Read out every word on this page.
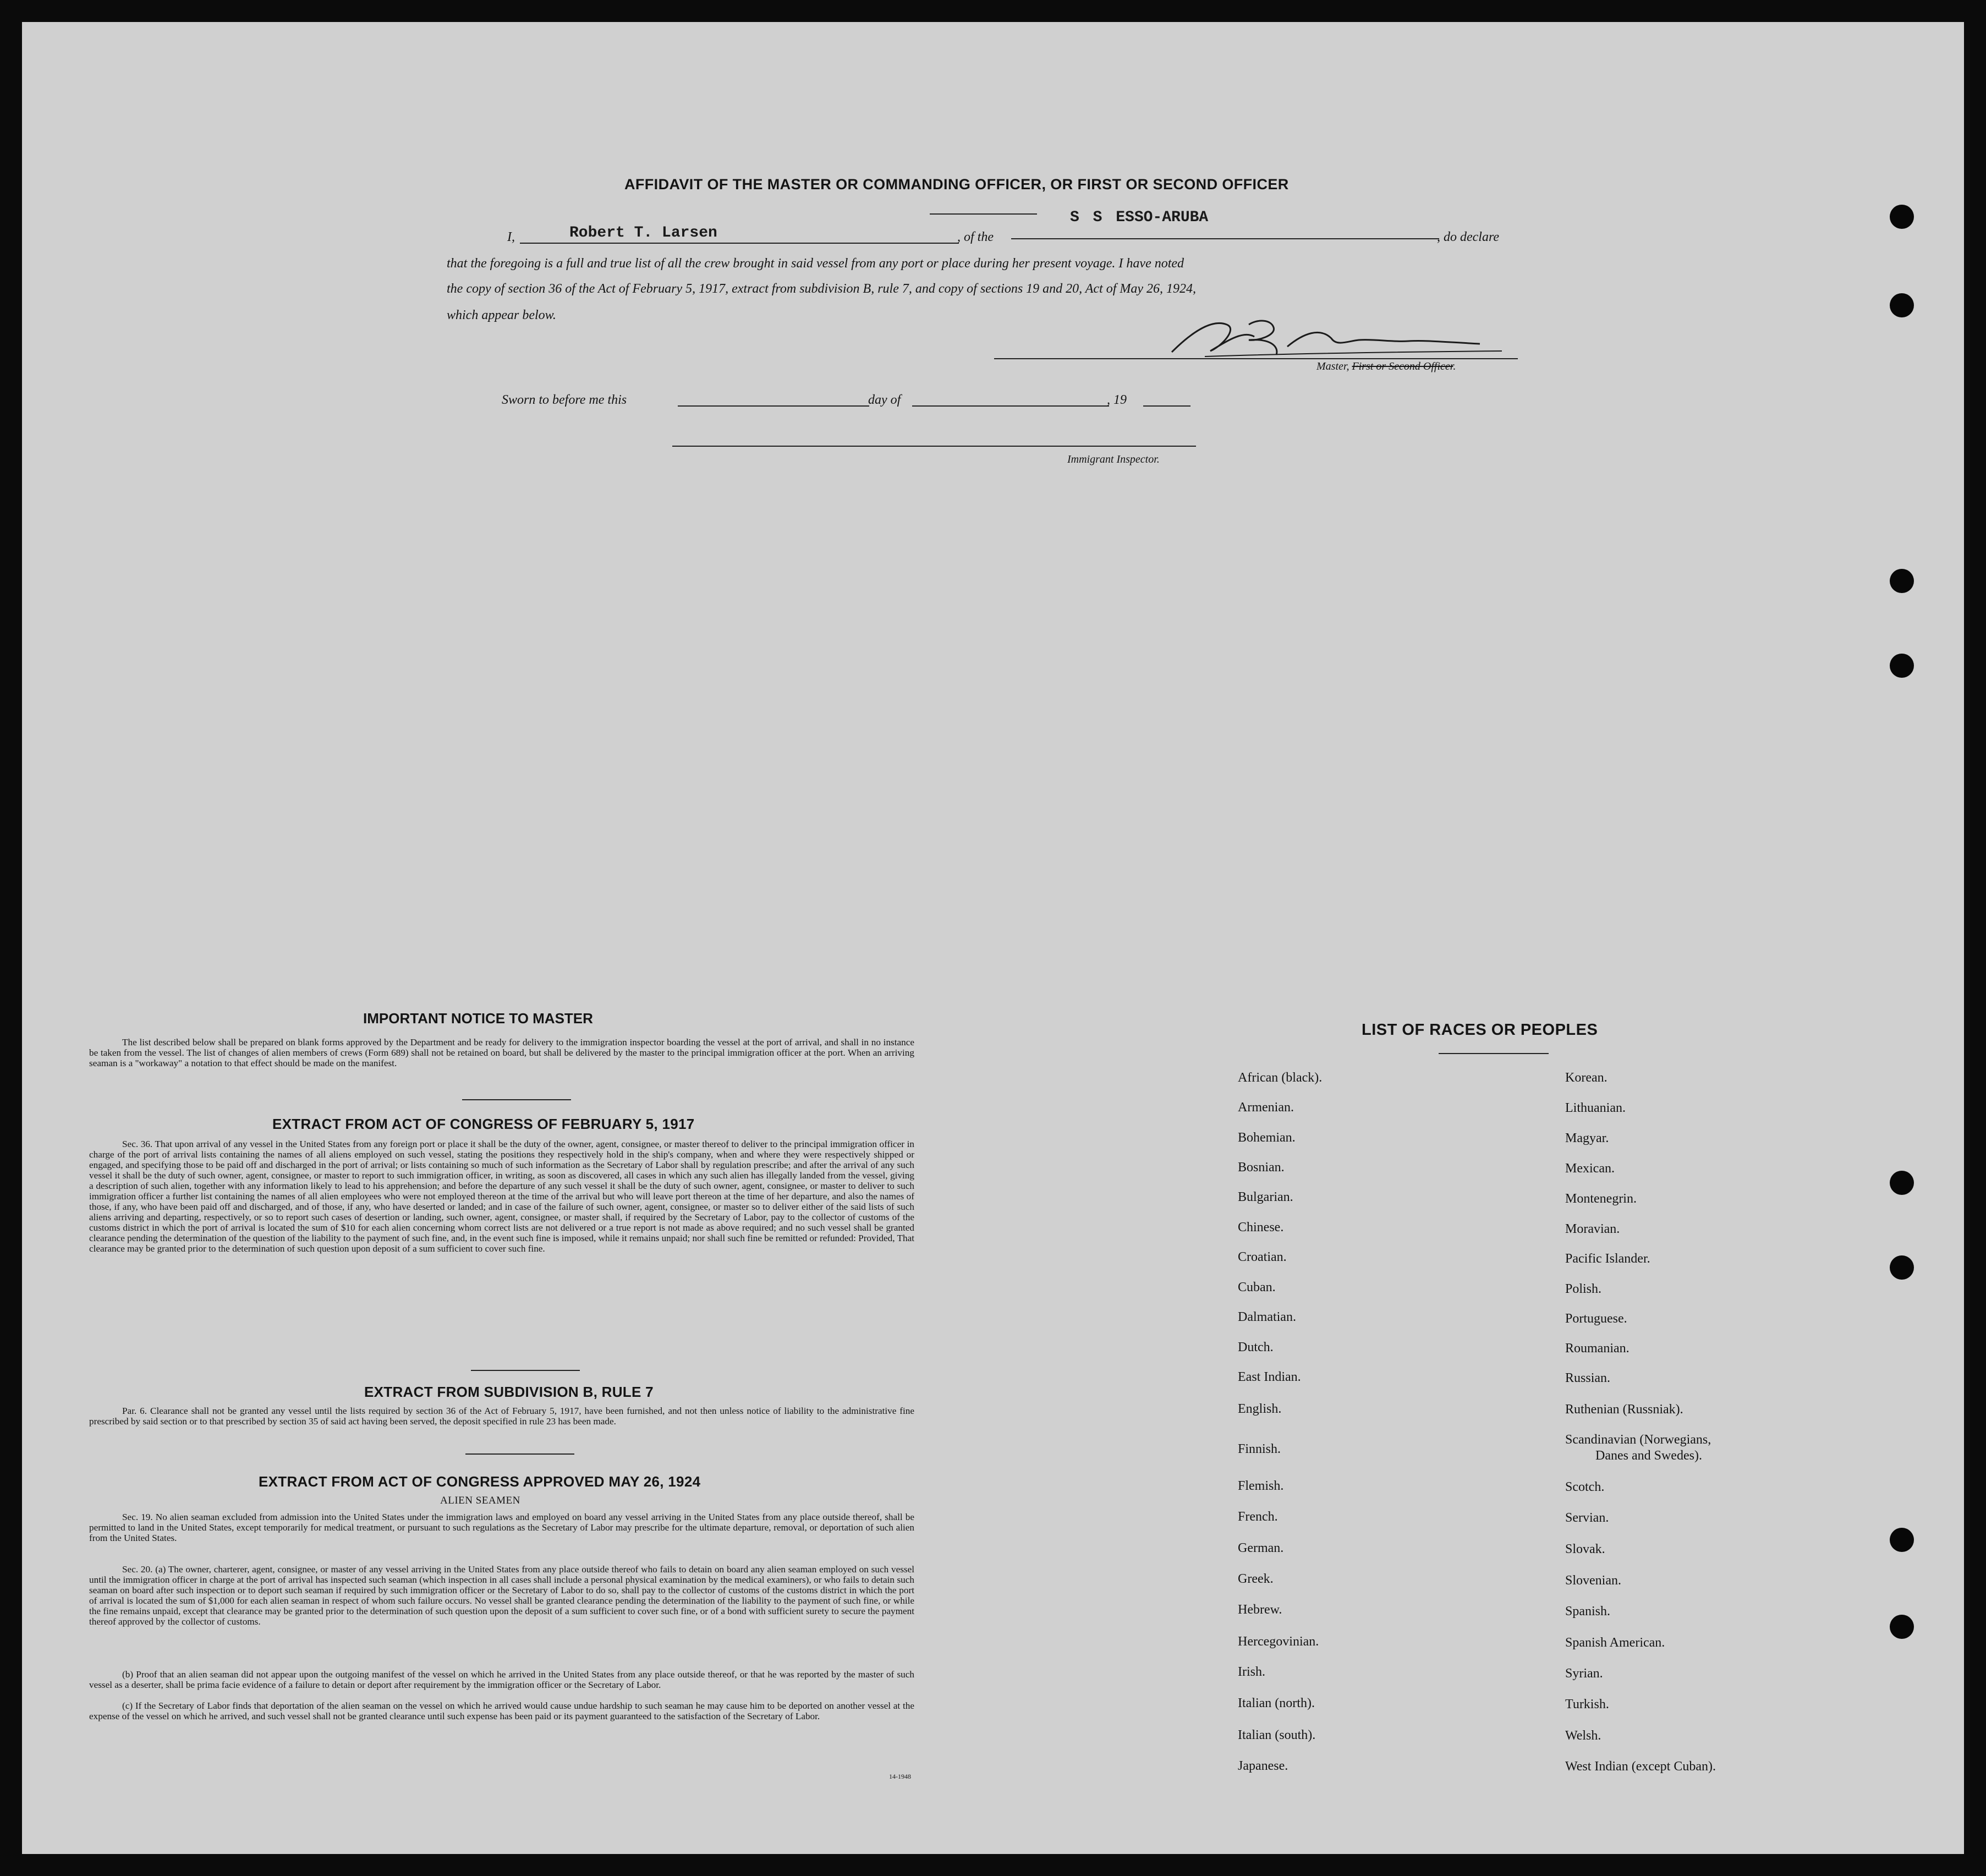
AFFIDAVIT OF THE MASTER OR COMMANDING OFFICER, OR FIRST OR SECOND OFFICER
I,	Robert T. Larsen	, of the
S S ESSO-ARUBA
, do declare
that the foregoing is a full and true list of all the crew brought in said vessel from any port or place during her present voyage. I have noted
the copy of section 36 of the Act of February 5, 1917, extract from subdivision B, rule 7, and copy of sections 19 and 20, Act of May 26, 1924,
which appear below.
Master, First or Second Officer.
Sworn to before me this	day of	, 19
Immigrant Inspector.
IMPORTANT NOTICE TO MASTER
The list described below shall be prepared on blank forms approved by the Department and be ready for delivery to the immigration inspector boarding the vessel at the port of arrival, and shall in no instance be taken from the vessel. The list of changes of alien members of crews (Form 689) shall not be retained on board, but shall be delivered by the master to the principal immigration officer at the port. When an arriving seaman is a "workaway" a notation to that effect should be made on the manifest.
EXTRACT FROM ACT OF CONGRESS OF FEBRUARY 5, 1917
Sec. 36. That upon arrival of any vessel in the United States from any foreign port or place it shall be the duty of the owner, agent, consignee, or master thereof to deliver to the principal immigration officer in charge of the port of arrival lists containing the names of all aliens employed on such vessel, stating the positions they respectively hold in the ship's company, when and where they were respectively shipped or engaged, and specifying those to be paid off and discharged in the port of arrival; or lists containing so much of such information as the Secretary of Labor shall by regulation prescribe; and after the arrival of any such vessel it shall be the duty of such owner, agent, consignee, or master to report to such immigration officer, in writing, as soon as discovered, all cases in which any such alien has illegally landed from the vessel, giving a description of such alien, together with any information likely to lead to his apprehension; and before the departure of any such vessel it shall be the duty of such owner, agent, consignee, or master to deliver to such immigration officer a further list containing the names of all alien employees who were not employed thereon at the time of the arrival but who will leave port thereon at the time of her departure, and also the names of those, if any, who have been paid off and discharged, and of those, if any, who have deserted or landed; and in case of the failure of such owner, agent, consignee, or master so to deliver either of the said lists of such aliens arriving and departing, respectively, or so to report such cases of desertion or landing, such owner, agent, consignee, or master shall, if required by the Secretary of Labor, pay to the collector of customs of the customs district in which the port of arrival is located the sum of $10 for each alien concerning whom correct lists are not delivered or a true report is not made as above required; and no such vessel shall be granted clearance pending the determination of the question of the liability to the payment of such fine, and, in the event such fine is imposed, while it remains unpaid; nor shall such fine be remitted or refunded: Provided, That clearance may be granted prior to the determination of such question upon deposit of a sum sufficient to cover such fine.
EXTRACT FROM SUBDIVISION B, RULE 7
Par. 6. Clearance shall not be granted any vessel until the lists required by section 36 of the Act of February 5, 1917, have been furnished, and not then unless notice of liability to the administrative fine prescribed by said section or to that prescribed by section 35 of said act having been served, the deposit specified in rule 23 has been made.
EXTRACT FROM ACT OF CONGRESS APPROVED MAY 26, 1924
ALIEN SEAMEN
Sec. 19. No alien seaman excluded from admission into the United States under the immigration laws and employed on board any vessel arriving in the United States from any place outside thereof, shall be permitted to land in the United States, except temporarily for medical treatment, or pursuant to such regulations as the Secretary of Labor may prescribe for the ultimate departure, removal, or deportation of such alien from the United States.
Sec. 20. (a) The owner, charterer, agent, consignee, or master of any vessel arriving in the United States from any place outside thereof who fails to detain on board any alien seaman employed on such vessel until the immigration officer in charge at the port of arrival has inspected such seaman (which inspection in all cases shall include a personal physical examination by the medical examiners), or who fails to detain such seaman on board after such inspection or to deport such seaman if required by such immigration officer or the Secretary of Labor to do so, shall pay to the collector of customs of the customs district in which the port of arrival is located the sum of $1,000 for each alien seaman in respect of whom such failure occurs. No vessel shall be granted clearance pending the determination of the liability to the payment of such fine, or while the fine remains unpaid, except that clearance may be granted prior to the determination of such question upon the deposit of a sum sufficient to cover such fine, or of a bond with sufficient surety to secure the payment thereof approved by the collector of customs.
(b) Proof that an alien seaman did not appear upon the outgoing manifest of the vessel on which he arrived in the United States from any place outside thereof, or that he was reported by the master of such vessel as a deserter, shall be prima facie evidence of a failure to detain or deport after requirement by the immigration officer or the Secretary of Labor.
(c) If the Secretary of Labor finds that deportation of the alien seaman on the vessel on which he arrived would cause undue hardship to such seaman he may cause him to be deported on another vessel at the expense of the vessel on which he arrived, and such vessel shall not be granted clearance until such expense has been paid or its payment guaranteed to the satisfaction of the Secretary of Labor.
14-1948
LIST OF RACES OR PEOPLES
African (black).
Armenian.
Bohemian.
Bosnian.
Bulgarian.
Chinese.
Croatian.
Cuban.
Dalmatian.
Dutch.
East Indian.
English.
Finnish.
Flemish.
French.
German.
Greek.
Hebrew.
Hercegovinian.
Irish.
Italian (north).
Italian (south).
Japanese.
Korean.
Lithuanian.
Magyar.
Mexican.
Montenegrin.
Moravian.
Pacific Islander.
Polish.
Portuguese.
Roumanian.
Russian.
Ruthenian (Russniak).
Scandinavian (Norwegians,
Danes and Swedes).
Scotch.
Servian.
Slovak.
Slovenian.
Spanish.
Spanish American.
Syrian.
Turkish.
Welsh.
West Indian (except Cuban).
